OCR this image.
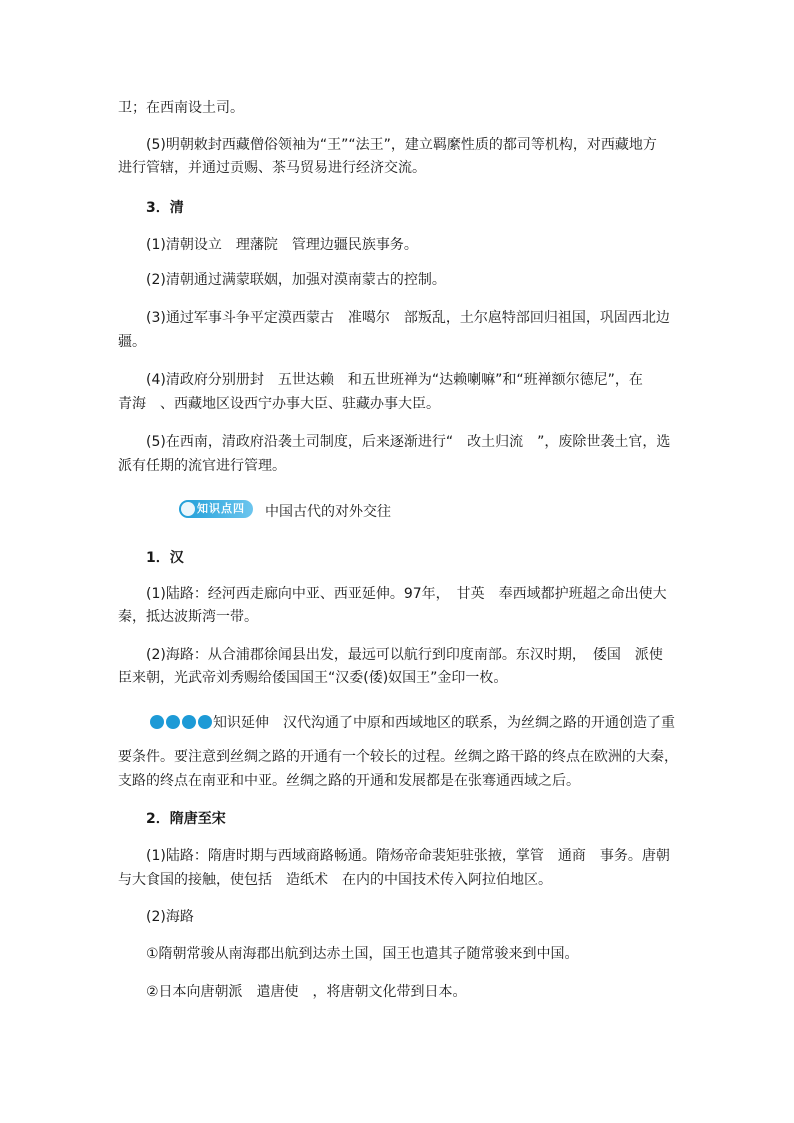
卫；在西南设土司。
(5)明朝敕封西藏僧俗领袖为“王”“法王”，建立羁縻性质的都司等机构，对西藏地方
进行管辖，并通过贡赐、茶马贸易进行经济交流。
3．清
(1)清朝设立　理藩院　管理边疆民族事务。
(2)清朝通过满蒙联姻，加强对漠南蒙古的控制。
(3)通过军事斗争平定漠西蒙古　准噶尔　部叛乱，土尔扈特部回归祖国，巩固西北边
疆。
(4)清政府分别册封　五世达赖　和五世班禅为“达赖喇嘛”和“班禅额尔德尼”，在
青海　、西藏地区设西宁办事大臣、驻藏办事大臣。
(5)在西南，清政府沿袭土司制度，后来逐渐进行“　改土归流　”，废除世袭土官，选
派有任期的流官进行管理。
知识点四 中国古代的对外交往
1．汉
(1)陆路：经河西走廊向中亚、西亚延伸。97年，　甘英　奉西域都护班超之命出使大
秦，抵达波斯湾一带。
(2)海路：从合浦郡徐闻县出发，最远可以航行到印度南部。东汉时期，　倭国　派使
臣来朝，光武帝刘秀赐给倭国国王“汉委(倭)奴国王”金印一枚。
知识延伸 　汉代沟通了中原和西域地区的联系，为丝绸之路的开通创造了重
要条件。要注意到丝绸之路的开通有一个较长的过程。丝绸之路干路的终点在欧洲的大秦，
支路的终点在南亚和中亚。丝绸之路的开通和发展都是在张骞通西域之后。
2．隋唐至宋
(1)陆路：隋唐时期与西域商路畅通。隋炀帝命裴矩驻张掖，掌管　通商　事务。唐朝
与大食国的接触，使包括　造纸术　在内的中国技术传入阿拉伯地区。
(2)海路
①隋朝常骏从南海郡出航到达赤土国，国王也遣其子随常骏来到中国。
②日本向唐朝派　遣唐使　，将唐朝文化带到日本。
